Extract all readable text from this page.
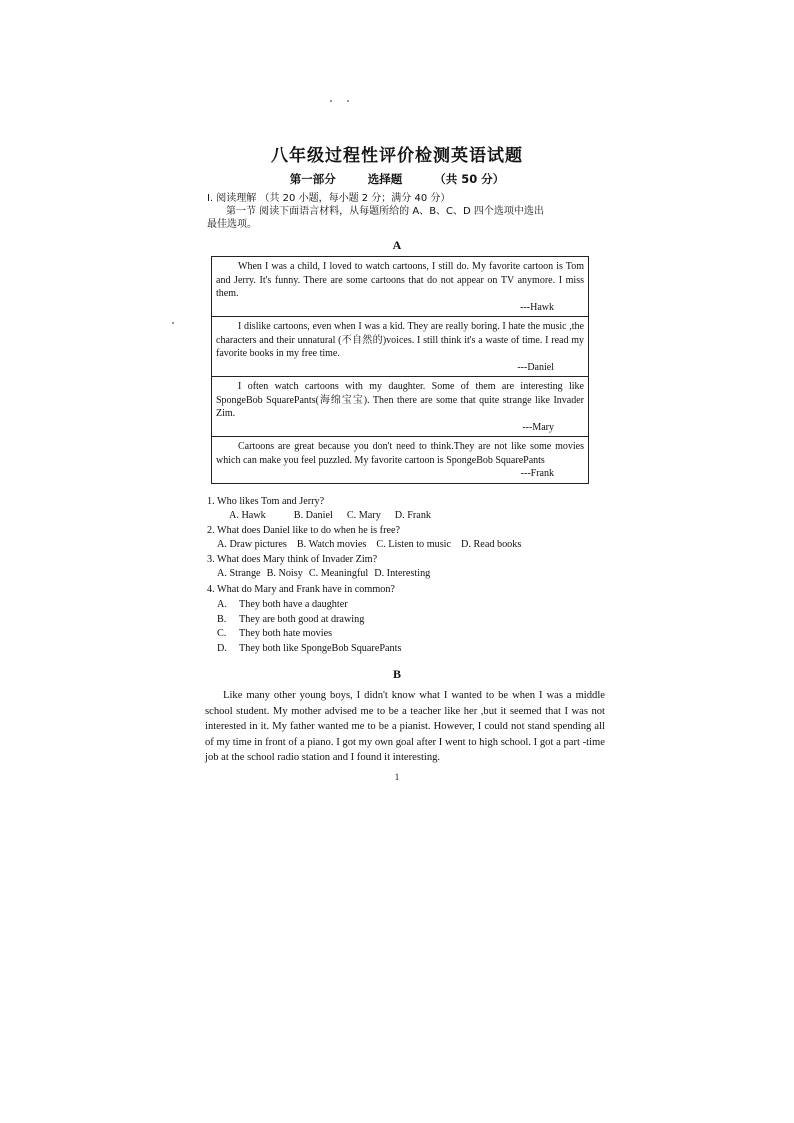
八年级过程性评价检测英语试题
第一部分	选择题	（共 50 分）
I. 阅读理解 （共 20 小题，每小题 2 分；满分 40 分）
第一节 阅读下面语言材料，从每题所给的 A、B、C、D 四个选项中选出
最佳选项。
A
When I was a child, I loved to watch cartoons, I still do. My favorite cartoon is Tom and Jerry. It's funny. There are some cartoons that do not appear on TV anymore. I miss them.
---Hawk
I dislike cartoons, even when I was a kid. They are really boring. I hate the music ,the characters and their unnatural (不自然的)voices. I still think it's a waste of time. I read my favorite books in my free time.
---Daniel
I often watch cartoons with my daughter. Some of them are interesting like SpongeBob SquarePants(海绵宝宝). Then there are some that quite strange like Invader Zim.
---Mary
Cartoons are great because you don't need to think.They are not like some movies which can make you feel puzzled. My favorite cartoon is SpongeBob SquarePants
---Frank
1. Who likes Tom and Jerry?
A. Hawk	B. Daniel C. Mary D. Frank
2. What does Daniel like to do when he is free?
A. Draw pictures B. Watch movies C. Listen to music D. Read books
3. What does Mary think of Invader Zim?
A. Strange B. Noisy C. Meaningful D. Interesting
4. What do Mary and Frank have in common?
A. They both have a daughter
B. They are both good at drawing
C. They both hate movies
D. They both like SpongeBob SquarePants
B

Like many other young boys, I didn't know what I wanted to be when I was a middle school student. My mother advised me to be a teacher like her ,but it seemed that I was not interested in it. My father wanted me to be a pianist. However, I could not stand spending all of my time in front of a piano. I got my own goal after I went to high school. I got a part -time job at the school radio station and I found it interesting.

1
